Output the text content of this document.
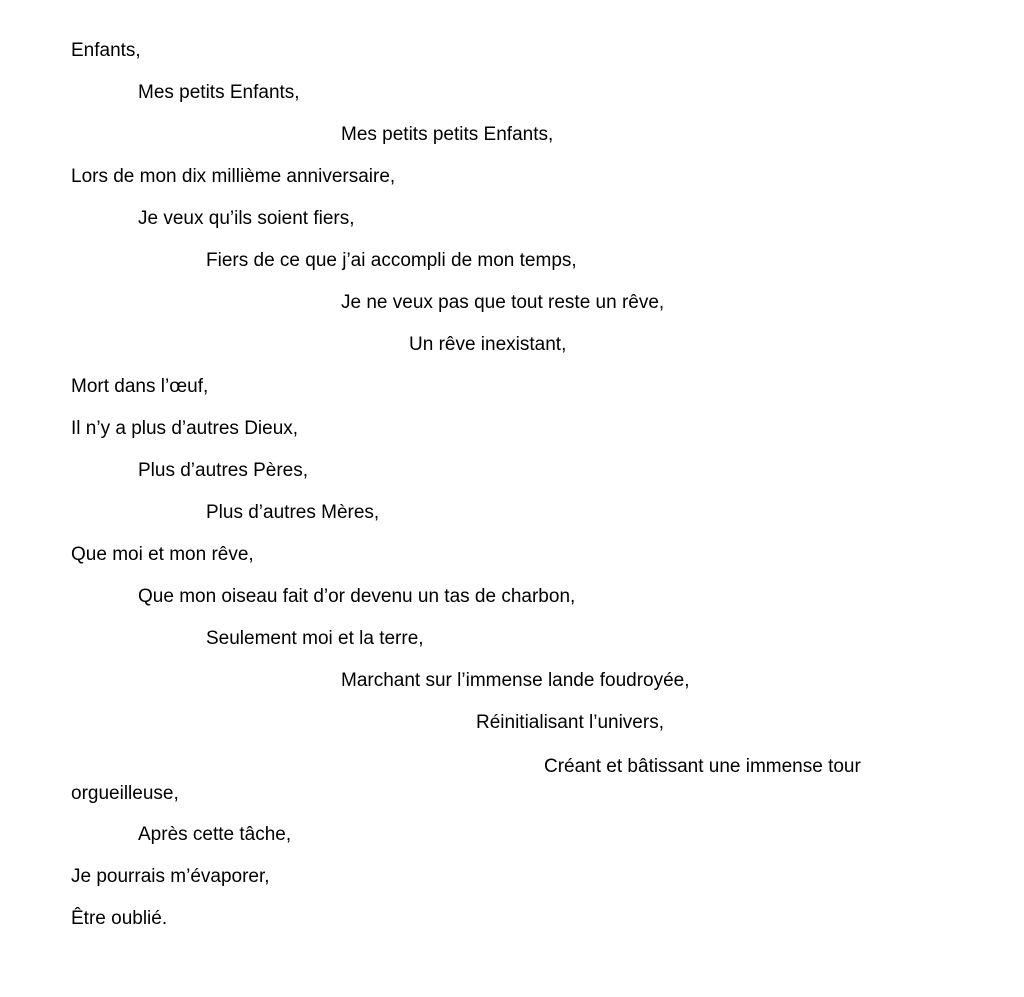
Enfants,
Mes petits Enfants,
Mes petits petits Enfants,
Lors de mon dix millième anniversaire,
Je veux qu’ils soient fiers,
Fiers de ce que j’ai accompli de mon temps,
Je ne veux pas que tout reste un rêve,
Un rêve inexistant,
Mort dans l’œuf,
Il n’y a plus d’autres Dieux,
Plus d’autres Pères,
Plus d’autres Mères,
Que moi et mon rêve,
Que mon oiseau fait d’or devenu un tas de charbon,
Seulement moi et la terre,
Marchant sur l’immense lande foudroyée,
Réinitialisant l’univers,
Créant et bâtissant une immense tour orgueilleuse,
Après cette tâche,
Je pourrais m’évaporer,
Être oublié.
